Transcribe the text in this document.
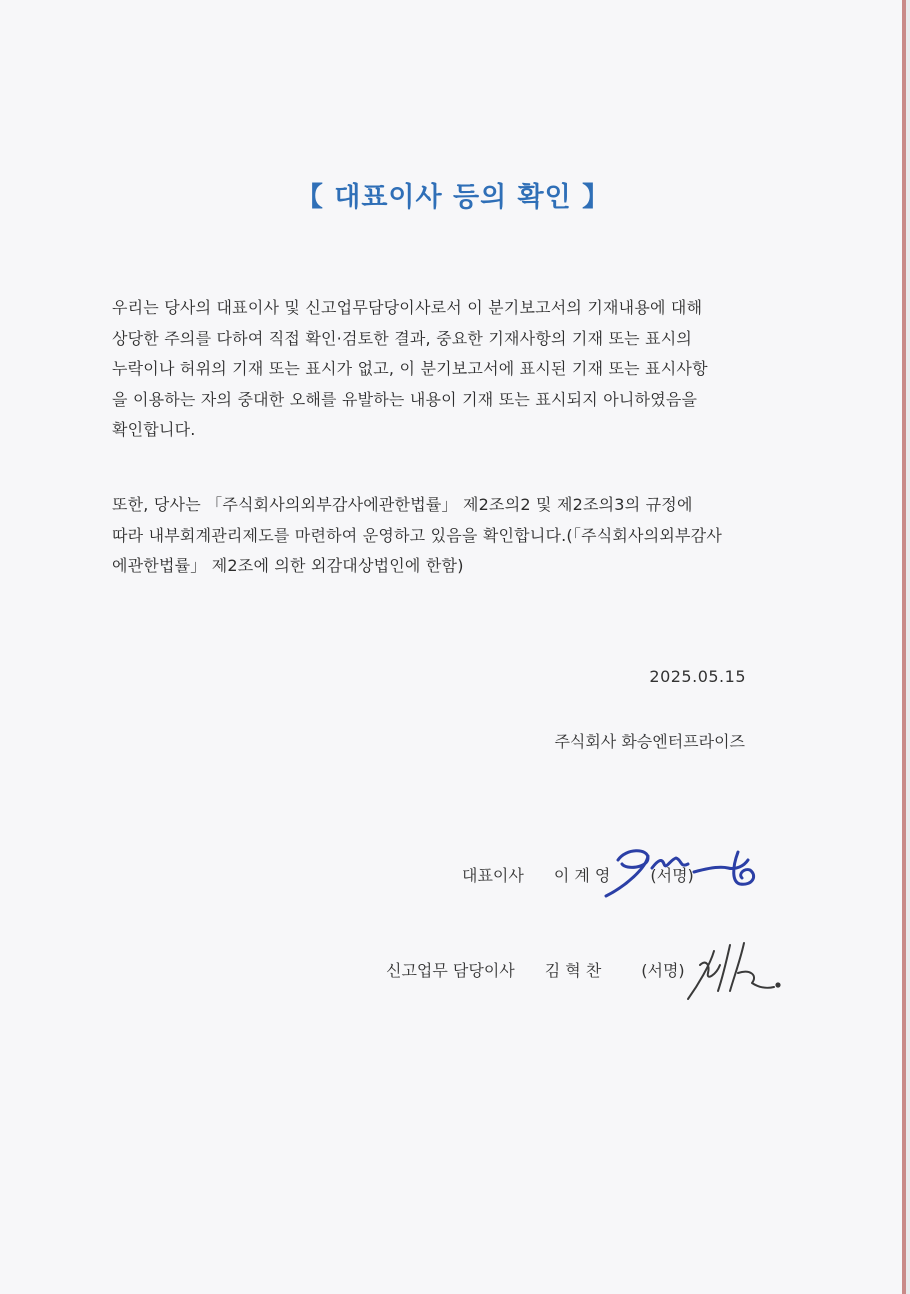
【 대표이사 등의 확인 】
우리는 당사의 대표이사 및 신고업무담당이사로서 이 분기보고서의 기재내용에 대해
상당한 주의를 다하여 직접 확인·검토한 결과, 중요한 기재사항의 기재 또는 표시의
누락이나 허위의 기재 또는 표시가 없고, 이 분기보고서에 표시된 기재 또는 표시사항
을 이용하는 자의 중대한 오해를 유발하는 내용이 기재 또는 표시되지 아니하였음을
확인합니다.
또한, 당사는 「주식회사의외부감사에관한법률」 제2조의2 및 제2조의3의 규정에
따라 내부회계관리제도를 마련하여 운영하고 있음을 확인합니다.(「주식회사의외부감사
에관한법률」 제2조에 의한 외감대상법인에 한함)
2025.05.15
주식회사 화승엔터프라이즈
대표이사 이 계 영	(서명)
신고업무 담당이사 김 혁 찬	(서명)
